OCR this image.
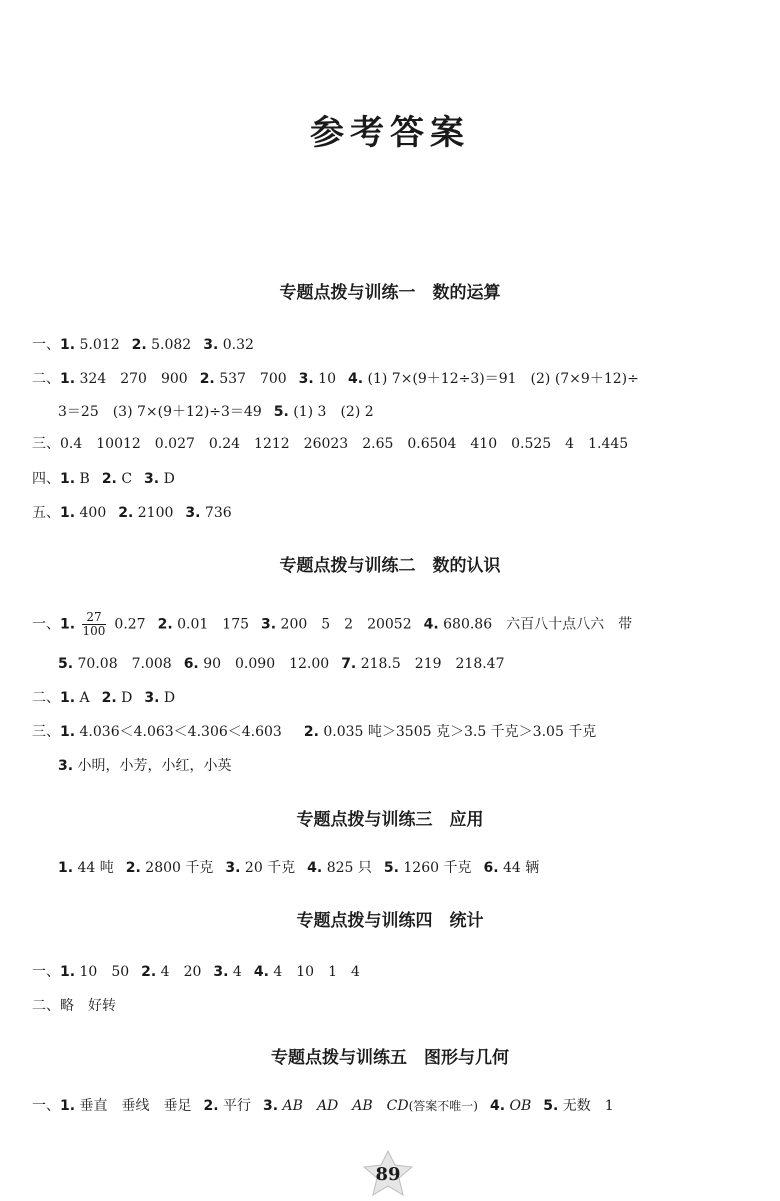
参考答案
专题点拨与训练一　数的运算
一、1. 5.012 2. 5.082 3. 0.32
二、1. 324　270　900 2. 537　700 3. 10 4. (1) 7×(9＋12÷3)＝91　(2) (7×9＋12)÷
3＝25　(3) 7×(9＋12)÷3＝49 5. (1) 3　(2) 2
三、0.4　10012　0.027　0.24　1212　26023　2.65　0.6504　410　0.525　4　1.445
四、1. B 2. C 3. D
五、1. 400 2. 2100 3. 736
专题点拨与训练二　数的认识
一、1. $\frac{27}{100} 0.27$ 2. 0.01　175 3. 200　5　2　20052 4. 680.86　六百八十点八六　带
5. 70.08　7.008 6. 90　0.090　12.00 7. 218.5　219　218.47
二、1. A 2. D 3. D
三、1. 4.036＜4.063＜4.306＜4.603 2. 0.035 吨＞3505 克＞3.5 千克＞3.05 千克
3. 小明，小芳，小红，小英
专题点拨与训练三　应用
1. 44 吨 2. 2800 千克 3. 20 千克 4. 825 只 5. 1260 千克 6. 44 辆
专题点拨与训练四　统计
一、1. 10　50 2. 4　20 3. 4 4. 4　10　1　4
二、略　好转
专题点拨与训练五　图形与几何
一、1. 垂直　垂线　垂足 2. 平行 3. AB　AD　AB　CD(答案不唯一) 4. OB 5. 无数　1
89
